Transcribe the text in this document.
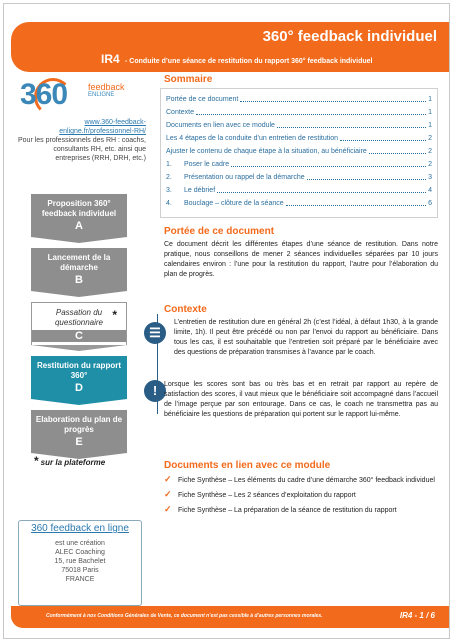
360° feedback individuel
IR4 - Conduite d’une séance de restitution du rapport 360° feedback individuel
360 feedback
ENLIGNE
www.360-feedback-enligne.fr/professionnel-RH/
Pour les professionnels des RH : coachs, consultants RH, etc. ainsi que entreprises (RRH, DRH, etc.)
Proposition 360° feedback individuel
A
Lancement de la démarche
B
Passation du questionnaire
C
*
Restitution du rapport 360°
D
Elaboration du plan de progrès
E
* sur la plateforme
360 feedback en ligne
est une création
ALEC Coaching
15, rue Bachelet
75018 Paris
FRANCE
Sommaire
Portée de ce document	1
Contexte	1
Documents en lien avec ce module	1
Les 4 étapes de la conduite d’un entretien de restitution	2
Ajuster le contenu de chaque étape à la situation, au bénéficiaire	2
1.	Poser le cadre	2
2.	Présentation ou rappel de la démarche	3
3.	Le débrief	4
4.	Bouclage – clôture de la séance	6
Portée de ce document
Ce document décrit les différentes étapes d’une séance de restitution. Dans notre pratique, nous conseillons de mener 2 séances individuelles séparées par 10 jours calendaires environ : l’une pour la restitution du rapport, l’autre pour l’élaboration du plan de progrès.
Contexte
☰
L’entretien de restitution dure en général 2h (c’est l’idéal, à défaut 1h30, à la grande limite, 1h). Il peut être précédé ou non par l’envoi du rapport au bénéficiaire. Dans tous les cas, il est souhaitable que l’entretien soit préparé par le bénéficiaire avec des questions de préparation transmises à l’avance par le coach.
! Lorsque les scores sont bas ou très bas et en retrait par rapport au repère de satisfaction des scores, il vaut mieux que le bénéficiaire soit accompagné dans l’accueil de l’image perçue par son entourage. Dans ce cas, le coach ne transmettra pas au bénéficiaire les questions de préparation qui portent sur le rapport lui-même.
Documents en lien avec ce module
✓ Fiche Synthèse – Les éléments du cadre d’une démarche 360° feedback individuel
✓ Fiche Synthèse – Les 2 séances d’exploitation du rapport
✓ Fiche Synthèse – La préparation de la séance de restitution du rapport
Conformément à nos Conditions Générales de Vente, ce document n’est pas cessible à d’autres personnes morales.	IR4 - 1 / 6
